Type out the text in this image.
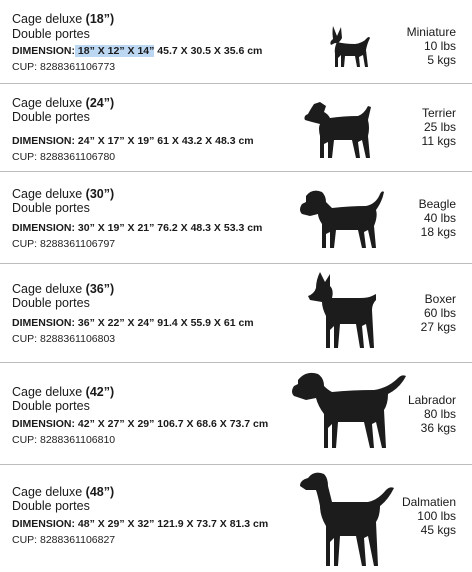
Cage deluxe (18”)
Double portes
DIMENSION: 18” X 12” X 14” 45.7 X 30.5 X 35.6 cm
CUP: 8288361106773
Miniature
10 lbs
5 kgs
Cage deluxe (24”)
Double portes
DIMENSION: 24” X 17” X 19” 61 X 43.2 X 48.3 cm
CUP: 8288361106780
Terrier
25 lbs
11 kgs
Cage deluxe (30”)
Double portes
DIMENSION: 30” X 19” X 21” 76.2 X 48.3 X 53.3 cm
CUP: 8288361106797
Beagle
40 lbs
18 kgs
Cage deluxe (36”)
Double portes
DIMENSION: 36” X 22” X 24” 91.4 X 55.9 X 61 cm
CUP: 8288361106803
Boxer
60 lbs
27 kgs
Cage deluxe (42”)
Double portes
DIMENSION: 42” X 27” X 29” 106.7 X 68.6 X 73.7 cm
CUP: 8288361106810
Labrador
80 lbs
36 kgs
Cage deluxe (48”)
Double portes
DIMENSION: 48” X 29” X 32” 121.9 X 73.7 X 81.3 cm
CUP: 8288361106827
Dalmatien
100 lbs
45 kgs
